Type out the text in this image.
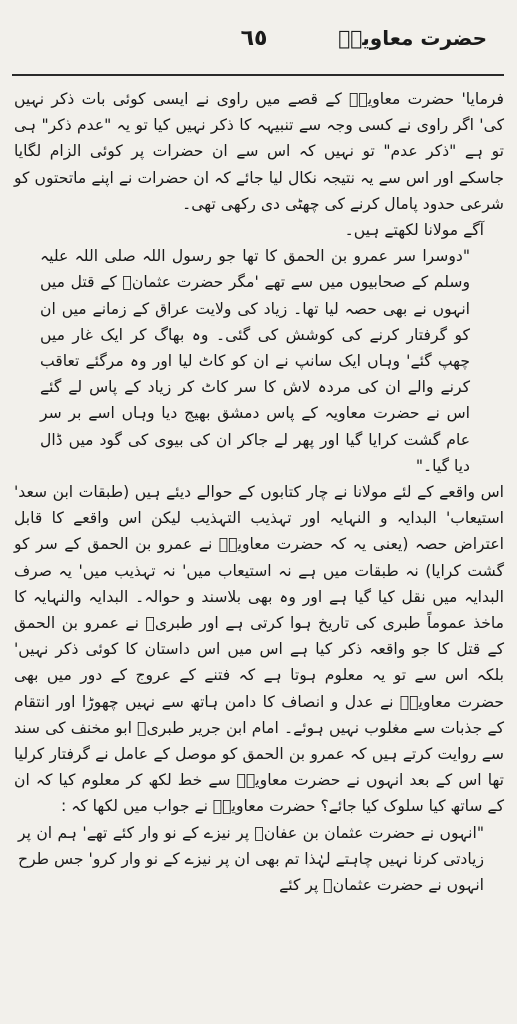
٦٥	حضرت معاویہؓ

فرمایا' حضرت معاویہؓ کے قصے میں راوی نے ایسی کوئی بات ذکر نہیں کی' اگر راوی نے کسی وجہ سے تنبیہہ کا ذکر نہیں کیا تو یہ "عدم ذکر" ہی تو ہے "ذکر عدم" تو نہیں کہ اس سے ان حضرات پر کوئی الزام لگایا جاسکے اور اس سے یہ نتیجہ نکال لیا جائے کہ ان حضرات نے اپنے ماتحتوں کو شرعی حدود پامال کرنے کی چھٹی دی رکھی تھی۔

آگے مولانا لکھتے ہیں۔

"دوسرا سر عمرو بن الحمق کا تھا جو رسول اللہ صلی اللہ علیہ وسلم کے صحابیوں میں سے تھے 'مگر حضرت عثمانؓ کے قتل میں انہوں نے بھی حصہ لیا تھا۔ زیاد کی ولایت عراق کے زمانے میں ان کو گرفتار کرنے کی کوشش کی گئی۔ وہ بھاگ کر ایک غار میں چھپ گئے' وہاں ایک سانپ نے ان کو کاٹ لیا اور وہ مرگئے تعاقب کرنے والے ان کی مردہ لاش کا سر کاٹ کر زیاد کے پاس لے گئے اس نے حضرت معاویہ کے پاس دمشق بھیج دیا وہاں اسے بر سر عام گشت کرایا گیا اور پھر لے جاکر ان کی بیوی کی گود میں ڈال دیا گیا۔"

اس واقعے کے لئے مولانا نے چار کتابوں کے حوالے دیئے ہیں (طبقات ابن سعد' استیعاب' البدایہ و النہایہ اور تہذیب التہذیب لیکن اس واقعے کا قابل اعتراض حصہ (یعنی یہ کہ حضرت معاویہؓ نے عمرو بن الحمق کے سر کو گشت کرایا) نہ طبقات میں ہے نہ استیعاب میں' نہ تہذیب میں' یہ صرف البدایہ میں نقل کیا گیا ہے اور وہ بھی بلاسند و حوالہ۔ البدایہ والنہایہ کا ماخذ عموماً طبری کی تاریخ ہوا کرتی ہے اور طبریؒ نے عمرو بن الحمق کے قتل کا جو واقعہ ذکر کیا ہے اس میں اس داستان کا کوئی ذکر نہیں' بلکہ اس سے تو یہ معلوم ہوتا ہے کہ فتنے کے عروج کے دور میں بھی حضرت معاویہؓ نے عدل و انصاف کا دامن ہاتھ سے نہیں چھوڑا اور انتقام کے جذبات سے مغلوب نہیں ہوئے۔ امام ابن جریر طبریؒ ابو مخنف کی سند سے روایت کرتے ہیں کہ عمرو بن الحمق کو موصل کے عامل نے گرفتار کرلیا تھا اس کے بعد انہوں نے حضرت معاویہؓ سے خط لکھ کر معلوم کیا کہ ان کے ساتھ کیا سلوک کیا جائے؟ حضرت معاویہؓ نے جواب میں لکھا کہ :

"انہوں نے حضرت عثمان بن عفانؓ پر نیزے کے نو وار کئے تھے' ہم ان پر زیادتی کرنا نہیں چاہتے لہٰذا تم بھی ان پر نیزے کے نو وار کرو' جس طرح انہوں نے حضرت عثمانؓ پر کئے
